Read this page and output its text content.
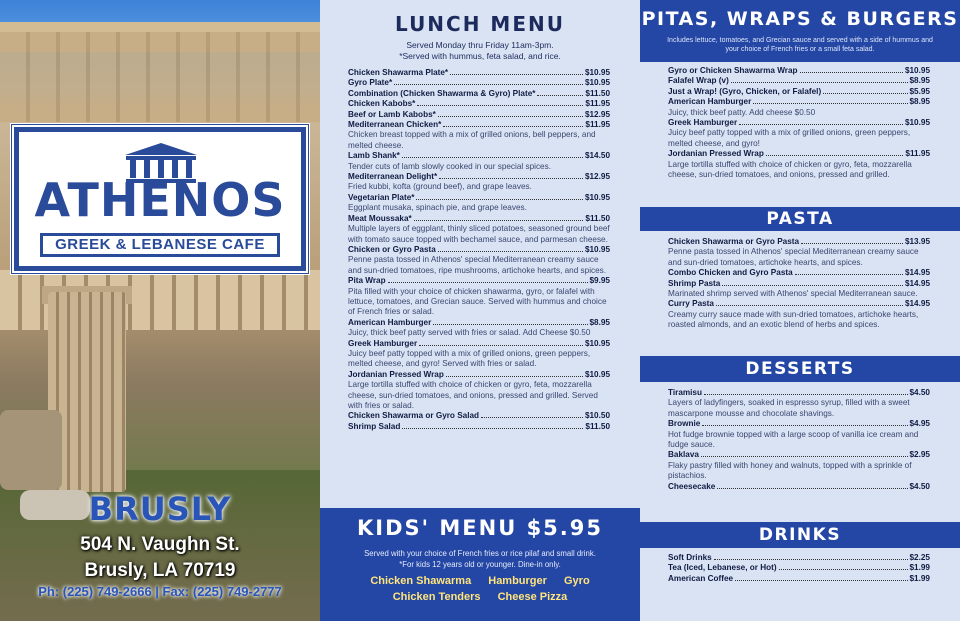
ATHENOS
GREEK & LEBANESE CAFE
BRUSLY
504 N. Vaughn St.
Brusly, LA 70719
Ph: (225) 749-2666 | Fax: (225) 749-2777
LUNCH MENU
Served Monday thru Friday 11am-3pm.
*Served with hummus, feta salad, and rice.
Chicken Shawarma Plate*	$10.95
Gyro Plate*	$10.95
Combination (Chicken Shawarma & Gyro) Plate*	$11.50
Chicken Kabobs*	$11.95
Beef or Lamb Kabobs*	$12.95
Mediterranean Chicken*	$11.95
Chicken breast topped with a mix of grilled onions, bell peppers, and melted cheese.
Lamb Shank*	$14.50
Tender cuts of lamb slowly cooked in our special spices.
Mediterranean Delight*	$12.95
Fried kubbi, kofta (ground beef), and grape leaves.
Vegetarian Plate*	$10.95
Eggplant musaka, spinach pie, and grape leaves.
Meat Moussaka*	$11.50
Multiple layers of eggplant, thinly sliced potatoes, seasoned ground beef with tomato sauce topped with bechamel sauce, and parmesan cheese.
Chicken or Gyro Pasta	$10.95
Penne pasta tossed in Athenos' special Mediterranean creamy sauce and sun-dried tomatoes, ripe mushrooms, artichoke hearts, and spices.
Pita Wrap	$9.95
Pita filled with your choice of chicken shawarma, gyro, or falafel with lettuce, tomatoes, and Grecian sauce. Served with hummus and choice of French fries or salad.
American Hamburger	$8.95
Juicy, thick beef patty served with fries or salad. Add Cheese $0.50
Greek Hamburger	$10.95
Juicy beef patty topped with a mix of grilled onions, green peppers, melted cheese, and gyro! Served with fries or salad.
Jordanian Pressed Wrap	$10.95
Large tortilla stuffed with choice of chicken or gyro, feta, mozzarella cheese, sun-dried tomatoes, and onions, pressed and grilled. Served with fries or salad.
Chicken Shawarma or Gyro Salad	$10.50
Shrimp Salad	$11.50
KIDS' MENU $5.95
Served with your choice of French fries or rice pilaf and small drink.
*For kids 12 years old or younger. Dine-in only.
Chicken Shawarma Hamburger Gyro
Chicken Tenders Cheese Pizza
PITAS, WRAPS & BURGERS
Includes lettuce, tomatoes, and Grecian sauce and served with a side of hummus and your choice of French fries or a small feta salad.
Gyro or Chicken Shawarma Wrap	$10.95
Falafel Wrap (v)	$8.95
Just a Wrap! (Gyro, Chicken, or Falafel)	$5.95
American Hamburger	$8.95
Juicy, thick beef patty. Add cheese $0.50
Greek Hamburger	$10.95
Juicy beef patty topped with a mix of grilled onions, green peppers, melted cheese, and gyro!
Jordanian Pressed Wrap	$11.95
Large tortilla stuffed with choice of chicken or gyro, feta, mozzarella cheese, sun-dried tomatoes, and onions, pressed and grilled.
PASTA
Chicken Shawarma or Gyro Pasta	$13.95
Penne pasta tossed in Athenos' special Mediterranean creamy sauce and sun-dried tomatoes, artichoke hearts, and spices.
Combo Chicken and Gyro Pasta	$14.95
Shrimp Pasta	$14.95
Marinated shrimp served with Athenos' special Mediterranean sauce.
Curry Pasta	$14.95
Creamy curry sauce made with sun-dried tomatoes, artichoke hearts, roasted almonds, and an exotic blend of herbs and spices.
DESSERTS
Tiramisu	$4.50
Layers of ladyfingers, soaked in espresso syrup, filled with a sweet mascarpone mousse and chocolate shavings.
Brownie	$4.95
Hot fudge brownie topped with a large scoop of vanilla ice cream and fudge sauce.
Baklava	$2.95
Flaky pastry filled with honey and walnuts, topped with a sprinkle of pistachios.
Cheesecake	$4.50
DRINKS
Soft Drinks	$2.25
Tea (Iced, Lebanese, or Hot)	$1.99
American Coffee	$1.99
